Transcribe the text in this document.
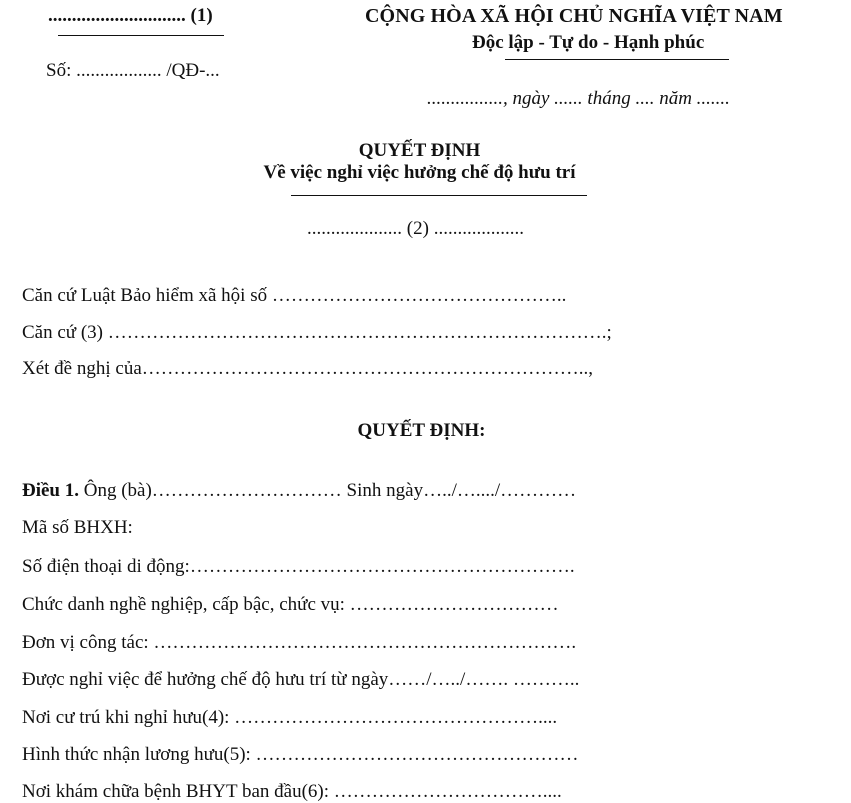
............................. (1)
Số: .................. /QĐ-...
CỘNG HÒA XÃ HỘI CHỦ NGHĨA VIỆT NAM
Độc lập - Tự do - Hạnh phúc
................, ngày ...... tháng .... năm .......
QUYẾT ĐỊNH
Về việc nghỉ việc hưởng chế độ hưu trí
.................... (2) ...................
Căn cứ Luật Bảo hiểm xã hội số ………………………………………..
Căn cứ (3) …………………………………………………………………….;
Xét đề nghị của……………………………………………………………..,
QUYẾT ĐỊNH:
Điều 1. Ông (bà)………………………… Sinh ngày…../…..../…………
Mã số BHXH:
Số điện thoại di động:…………………………………………………….
Chức danh nghề nghiệp, cấp bậc, chức vụ: ……………………………
Đơn vị công tác: ………………………………………………………….
Được nghỉ việc để hưởng chế độ hưu trí từ ngày……/…../……. ………..
Nơi cư trú khi nghỉ hưu(4): …………………………………………....
Hình thức nhận lương hưu(5): ……………………………………………
Nơi khám chữa bệnh BHYT ban đầu(6): ……………………………....
